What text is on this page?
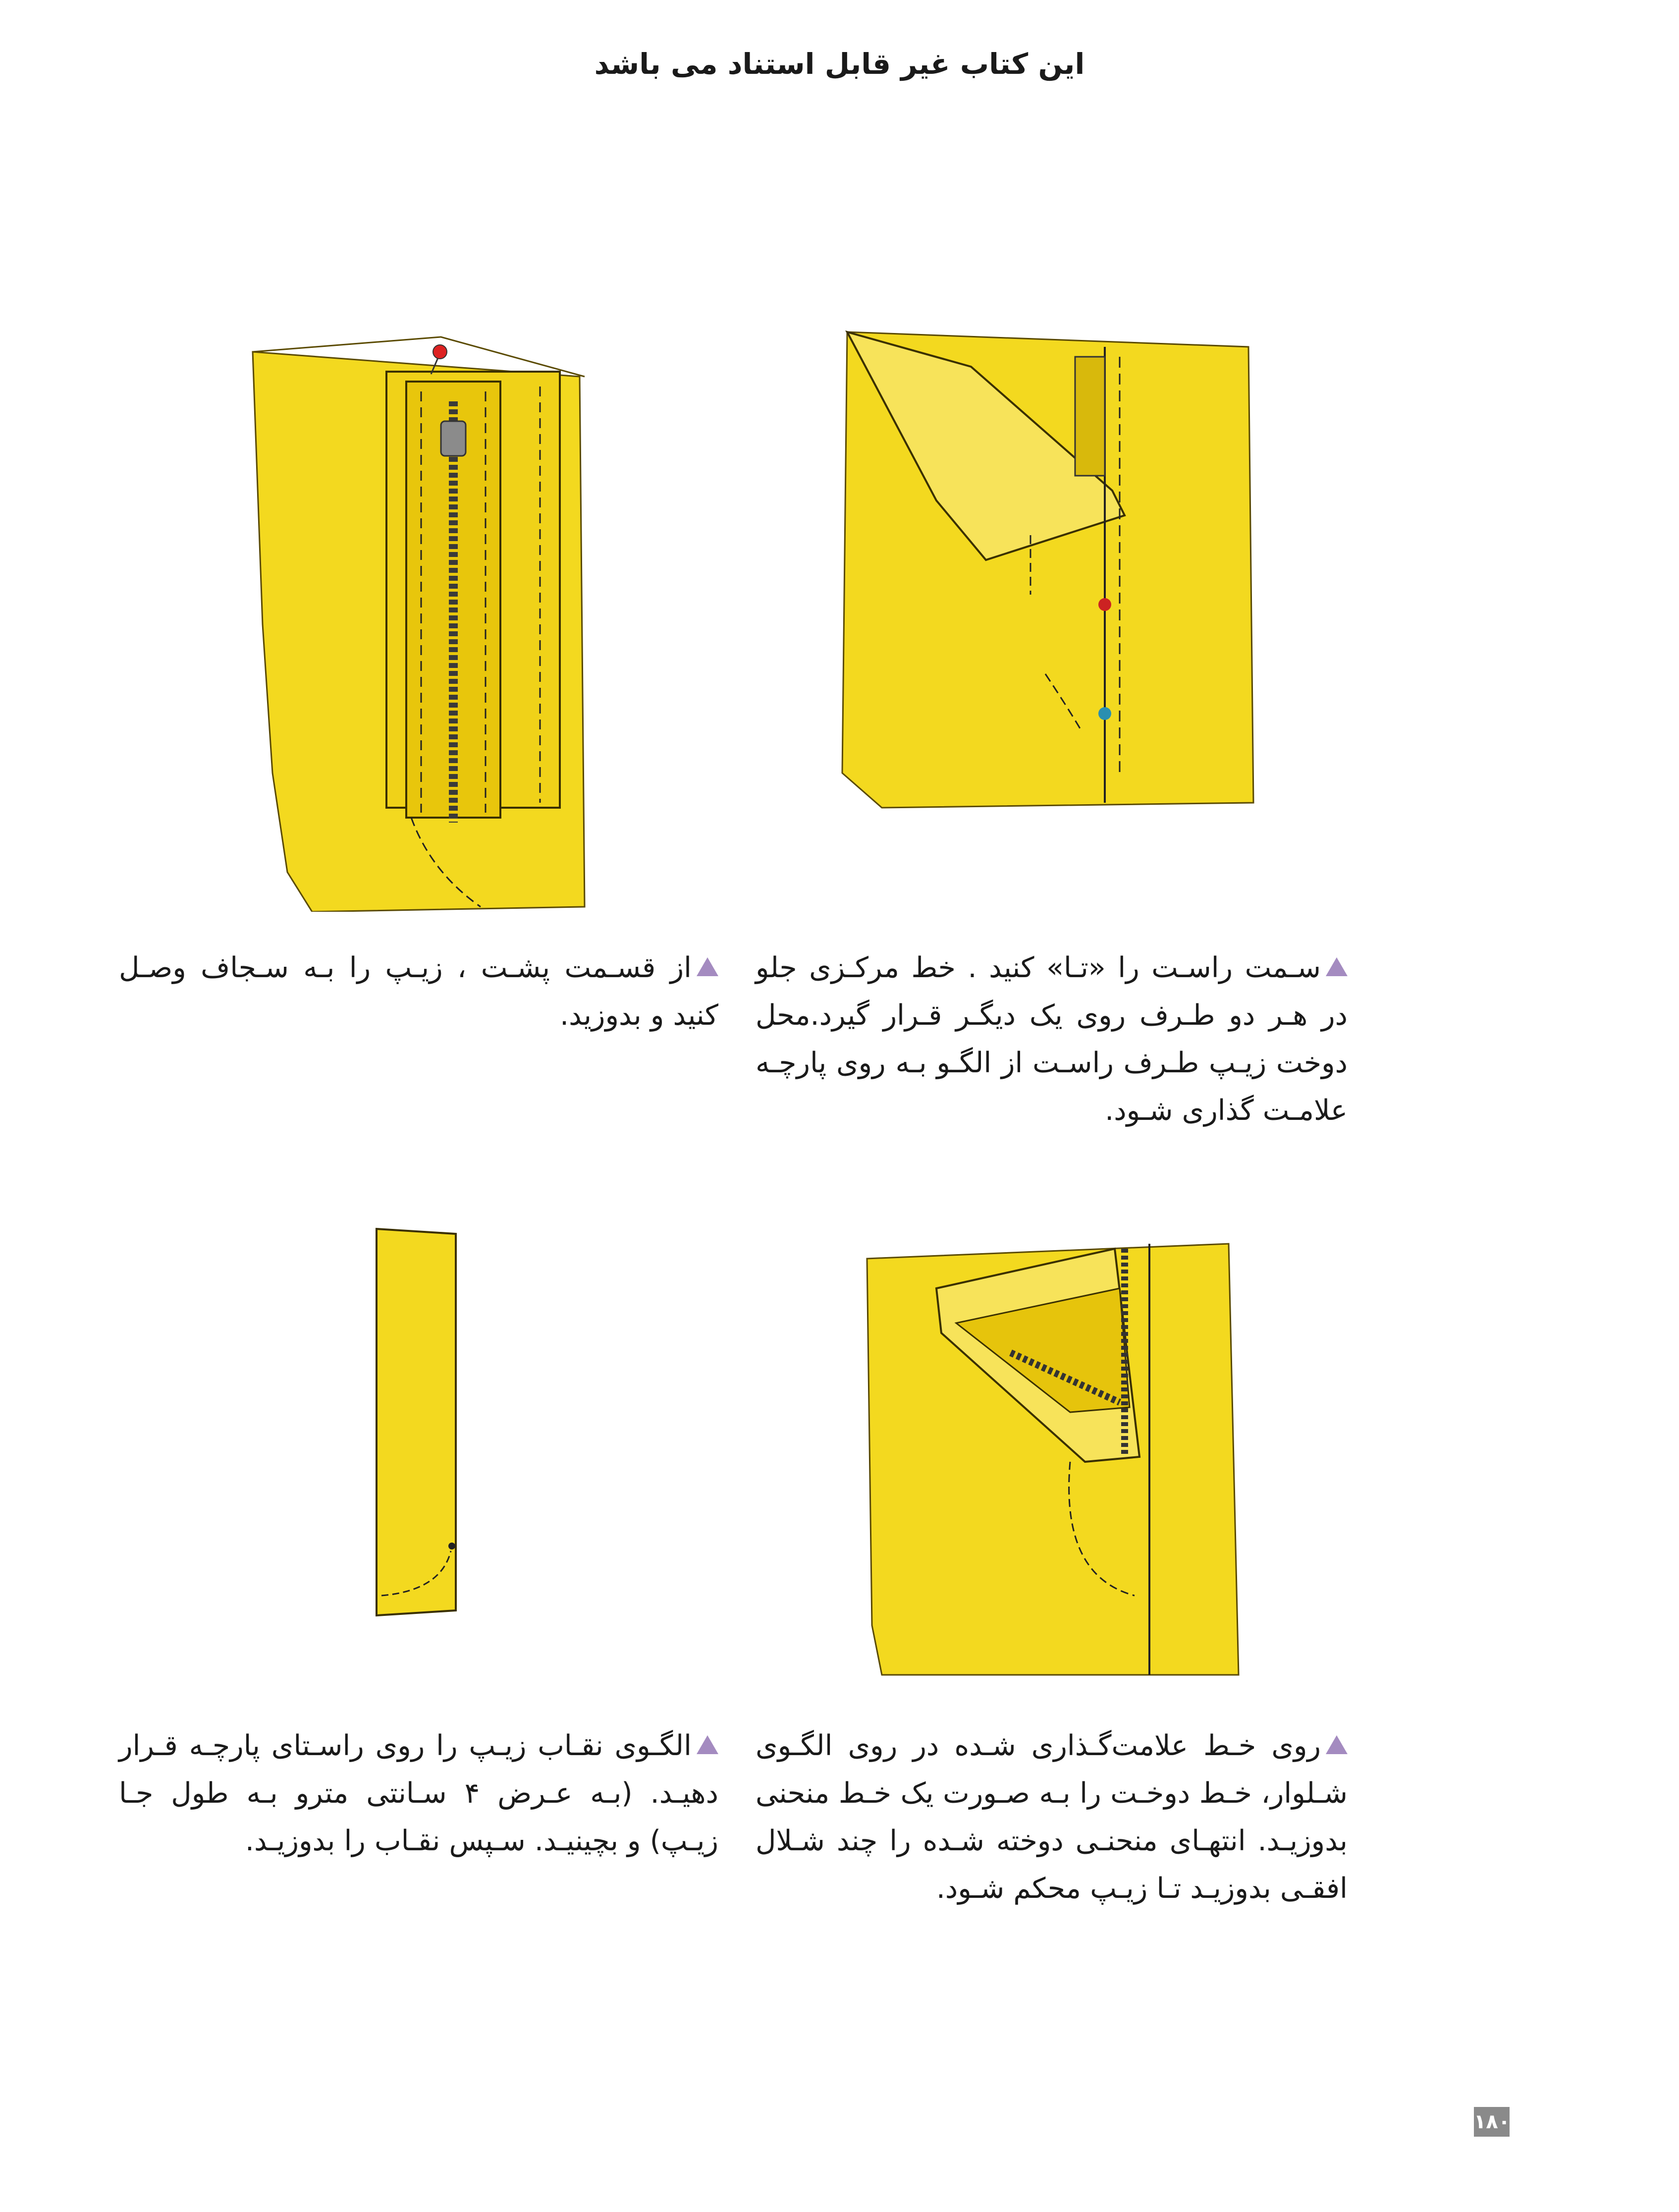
این کتاب غیر قابل استناد می باشد
سـمت راسـت را «تـا» کنید . خط مرکـزی جلو در هـر دو طـرف روی یک دیگـر قـرار گیرد.محل دوخت زیـپ طـرف راسـت از الگـو بـه روی پارچـه علامـت گذاری شـود.
از قسـمت پشـت ، زیـپ را بـه سـجاف وصـل کنید و بدوزید.
روی خـط علامت‌گـذاری شـده در روی الگـوی شـلوار، خـط دوخـت را بـه صـورت یک خـط منحنی بدوزیـد. انتهـای منحنـی دوخته شـده را چند شـلال افقـی بدوزیـد تـا زیـپ محکم شـود.
الگـوی نقـاب زیـپ را روی راسـتای پارچـه قـرار دهیـد. (بـه عـرض ۴ سـانتی مترو بـه طول جـا زیـپ) و بچینیـد. سـپس نقـاب را بدوزیـد.
۱۸۰
